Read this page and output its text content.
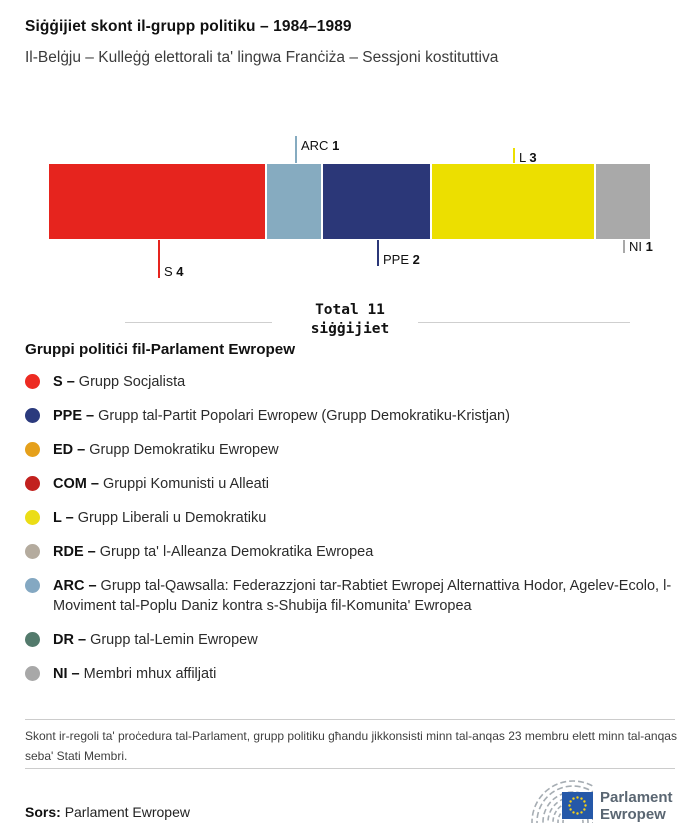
Siġġijiet skont il-grupp politiku – 1984–1989
Il-Belġju – Kulleġġ elettorali ta' lingwa Franċiża – Sessjoni kostituttiva
S 4
ARC 1
PPE 2
L 3
NI 1
Total 11
siġġijiet
Gruppi politiċi fil-Parlament Ewropew
S – Grupp Socjalista
PPE – Grupp tal-Partit Popolari Ewropew (Grupp Demokratiku-Kristjan)
ED – Grupp Demokratiku Ewropew
COM – Gruppi Komunisti u Alleati
L – Grupp Liberali u Demokratiku
RDE – Grupp ta' l-Alleanza Demokratika Ewropea
ARC – Grupp tal-Qawsalla: Federazzjoni tar-Rabtiet Ewropej Alternattiva Hodor, Agelev-Ecolo, l-Moviment tal-Poplu Daniz kontra s-Shubija fil-Komunita' Ewropea
DR – Grupp tal-Lemin Ewropew
NI – Membri mhux affiljati
Skont ir-regoli ta' proċedura tal-Parlament, grupp politiku għandu jikkonsisti minn tal-anqas 23 membru elett minn tal-anqas seba' Stati Membri.
Sors: Parlament Ewropew
Parlament
Ewropew
